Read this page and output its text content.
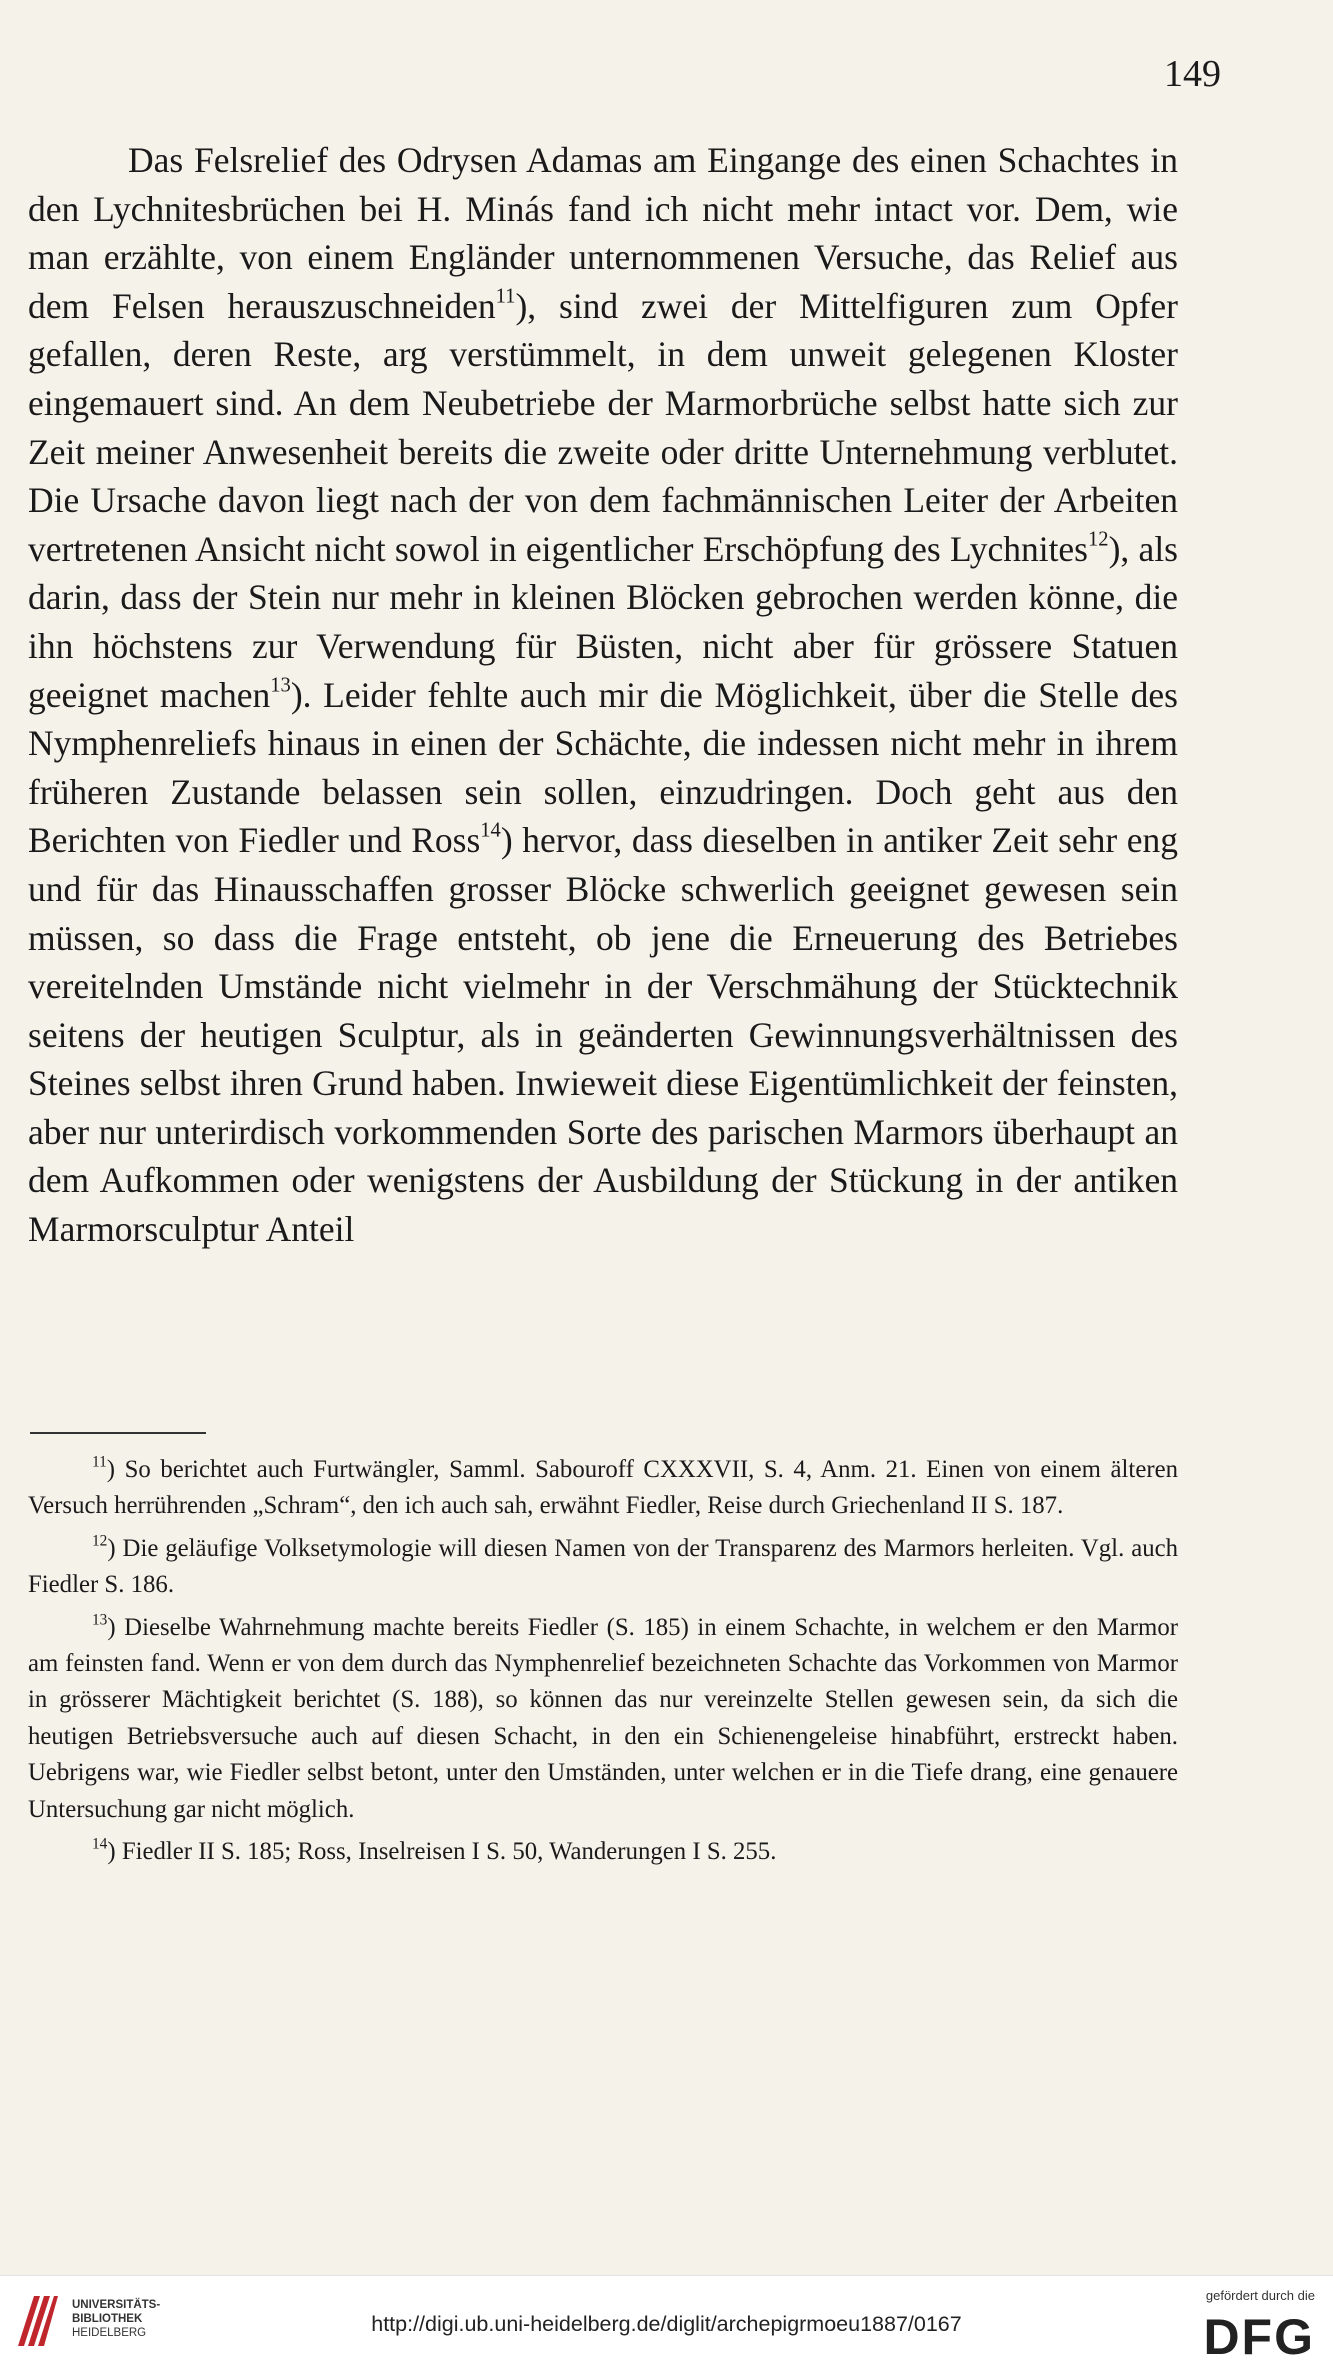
149

Das Felsrelief des Odrysen Adamas am Eingange des einen Schachtes in den Lychnitesbrüchen bei H. Minás fand ich nicht mehr intact vor. Dem, wie man erzählte, von einem Engländer unternommenen Versuche, das Relief aus dem Felsen herauszuschneiden$^{11}$), sind zwei der Mittelfiguren zum Opfer gefallen, deren Reste, arg verstümmelt, in dem unweit gelegenen Kloster eingemauert sind. An dem Neubetriebe der Marmorbrüche selbst hatte sich zur Zeit meiner Anwesenheit bereits die zweite oder dritte Unternehmung verblutet. Die Ursache davon liegt nach der von dem fachmännischen Leiter der Arbeiten vertretenen Ansicht nicht sowol in eigentlicher Erschöpfung des Lychnites$^{12}$), als darin, dass der Stein nur mehr in kleinen Blöcken gebrochen werden könne, die ihn höchstens zur Verwendung für Büsten, nicht aber für grössere Statuen geeignet machen$^{13}$). Leider fehlte auch mir die Möglichkeit, über die Stelle des Nymphenreliefs hinaus in einen der Schächte, die indessen nicht mehr in ihrem früheren Zustande belassen sein sollen, einzudringen. Doch geht aus den Berichten von Fiedler und Ross$^{14}$) hervor, dass dieselben in antiker Zeit sehr eng und für das Hinausschaffen grosser Blöcke schwerlich geeignet gewesen sein müssen, so dass die Frage entsteht, ob jene die Erneuerung des Betriebes vereitelnden Umstände nicht vielmehr in der Verschmähung der Stücktechnik seitens der heutigen Sculptur, als in geänderten Gewinnungsverhältnissen des Steines selbst ihren Grund haben. Inwieweit diese Eigentümlichkeit der feinsten, aber nur unterirdisch vorkommenden Sorte des parischen Marmors überhaupt an dem Aufkommen oder wenigstens der Ausbildung der Stückung in der antiken Marmorsculptur Anteil

$^{11}$) So berichtet auch Furtwängler, Samml. Sabouroff CXXXVII, S. 4, Anm. 21. Einen von einem älteren Versuch herrührenden „Schram“, den ich auch sah, erwähnt Fiedler, Reise durch Griechenland II S. 187.

$^{12}$) Die geläufige Volksetymologie will diesen Namen von der Transparenz des Marmors herleiten. Vgl. auch Fiedler S. 186.

$^{13}$) Dieselbe Wahrnehmung machte bereits Fiedler (S. 185) in einem Schachte, in welchem er den Marmor am feinsten fand. Wenn er von dem durch das Nymphenrelief bezeichneten Schachte das Vorkommen von Marmor in grösserer Mächtigkeit berichtet (S. 188), so können das nur vereinzelte Stellen gewesen sein, da sich die heutigen Betriebsversuche auch auf diesen Schacht, in den ein Schienengeleise hinabführt, erstreckt haben. Uebrigens war, wie Fiedler selbst betont, unter den Umständen, unter welchen er in die Tiefe drang, eine genauere Untersuchung gar nicht möglich.

$^{14}$) Fiedler II S. 185; Ross, Inselreisen I S. 50, Wanderungen I S. 255.

UNIVERSITÄTS-
BIBLIOTHEK
HEIDELBERG	http://digi.ub.uni-heidelberg.de/diglit/archepigrmoeu1887/0167
gefördert durch die
DFG
